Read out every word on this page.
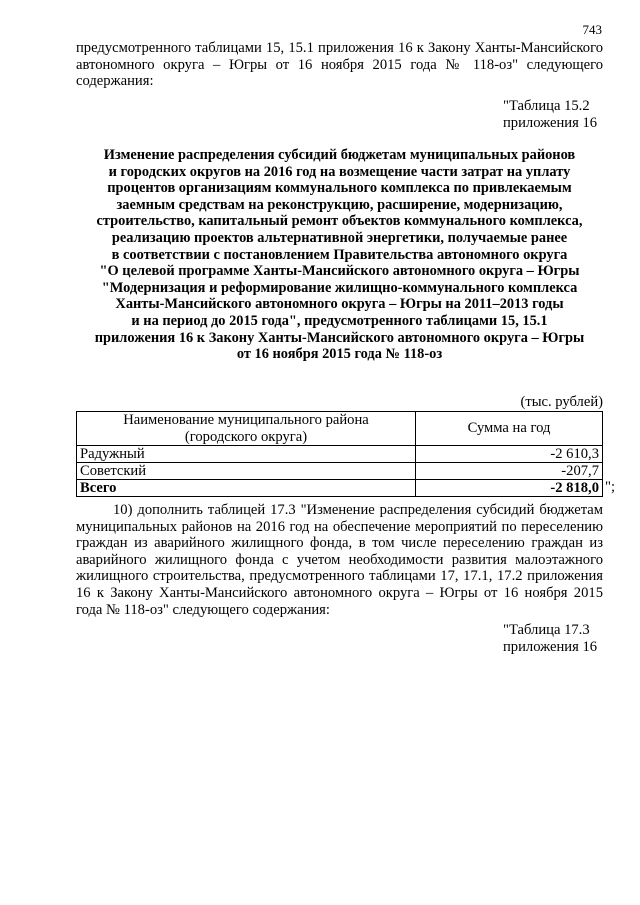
743

предусмотренного таблицами 15, 15.1 приложения 16 к Закону Ханты-Мансийского автономного округа – Югры от 16 ноября 2015 года № 118-оз" следующего содержания:

"Таблица 15.2
приложения 16
Изменение распределения субсидий бюджетам муниципальных районов
и городских округов на 2016 год на возмещение части затрат на уплату
процентов организациям коммунального комплекса по привлекаемым
заемным средствам на реконструкцию, расширение, модернизацию,
строительство, капитальный ремонт объектов коммунального комплекса,
реализацию проектов альтернативной энергетики, получаемые ранее
в соответствии с постановлением Правительства автономного округа
"О целевой программе Ханты-Мансийского автономного округа – Югры
"Модернизация и реформирование жилищно-коммунального комплекса
Ханты-Мансийского автономного округа – Югры на 2011–2013 годы
и на период до 2015 года", предусмотренного таблицами 15, 15.1
приложения 16 к Закону Ханты-Мансийского автономного округа – Югры
от 16 ноября 2015 года № 118-оз
(тыс. рублей)
Наименование муниципального района
(городского округа)	Сумма на год
Радужный	-2 610,3
Советский	-207,7
Всего	-2 818,0 ";

10) дополнить таблицей 17.3 "Изменение распределения субсидий бюджетам муниципальных районов на 2016 год на обеспечение мероприятий по переселению граждан из аварийного жилищного фонда, в том числе переселению граждан из аварийного жилищного фонда с учетом необходимости развития малоэтажного жилищного строительства, предусмотренного таблицами 17, 17.1, 17.2 приложения 16 к Закону Ханты-Мансийского автономного округа – Югры от 16 ноября 2015 года № 118-оз" следующего содержания:

"Таблица 17.3
приложения 16
